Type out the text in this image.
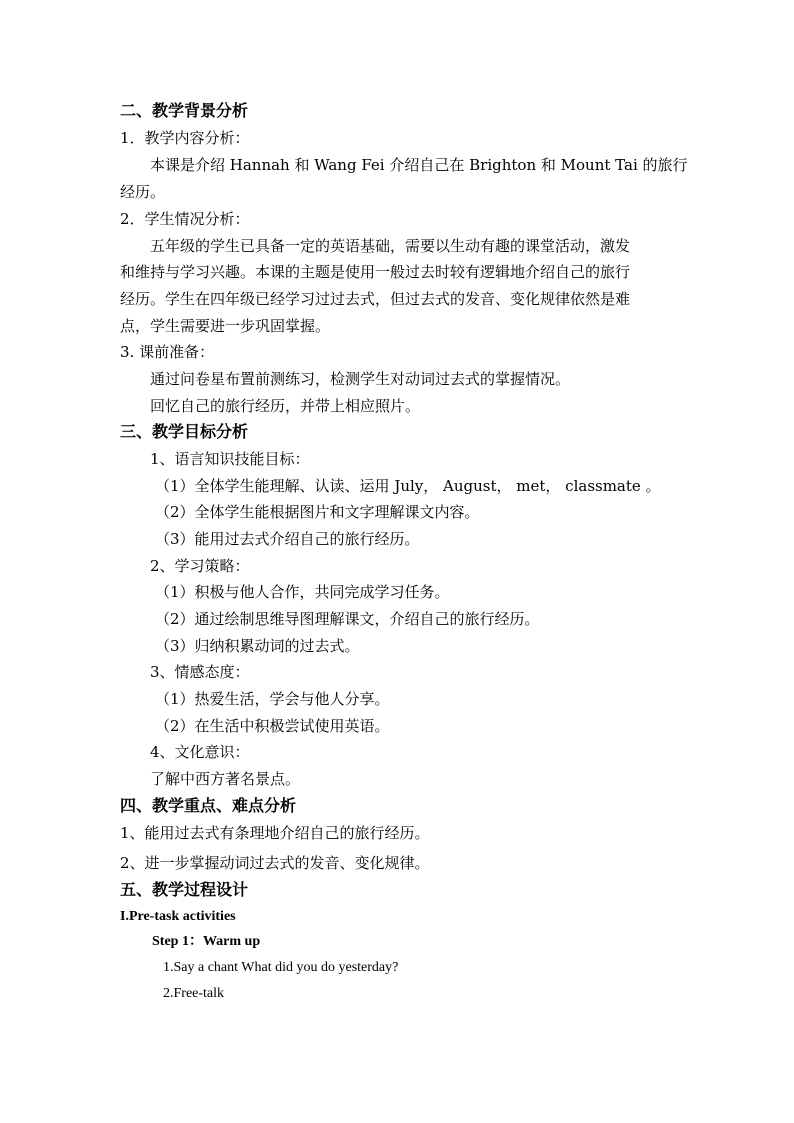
二、教学背景分析
1．教学内容分析：
本课是介绍 Hannah 和 Wang Fei 介绍自己在 Brighton 和 Mount Tai 的旅行
经历。
2．学生情况分析：
五年级的学生已具备一定的英语基础，需要以生动有趣的课堂活动，激发
和维持与学习兴趣。本课的主题是使用一般过去时较有逻辑地介绍自己的旅行
经历。学生在四年级已经学习过过去式，但过去式的发音、变化规律依然是难
点，学生需要进一步巩固掌握。
3. 课前准备：
通过问卷星布置前测练习，检测学生对动词过去式的掌握情况。
回忆自己的旅行经历，并带上相应照片。
三、教学目标分析
1、语言知识技能目标：
（1）全体学生能理解、认读、运用 July， August， met， classmate 。
（2）全体学生能根据图片和文字理解课文内容。
（3）能用过去式介绍自己的旅行经历。
2、学习策略：
（1）积极与他人合作，共同完成学习任务。
（2）通过绘制思维导图理解课文，介绍自己的旅行经历。
（3）归纳积累动词的过去式。
3、情感态度：
（1）热爱生活，学会与他人分享。
（2）在生活中积极尝试使用英语。
4、文化意识：
了解中西方著名景点。
四、教学重点、难点分析
1、能用过去式有条理地介绍自己的旅行经历。
2、进一步掌握动词过去式的发音、变化规律。
五、教学过程设计
I.Pre-task activities
Step 1：Warm up
1.Say a chant What did you do yesterday?
2.Free-talk
